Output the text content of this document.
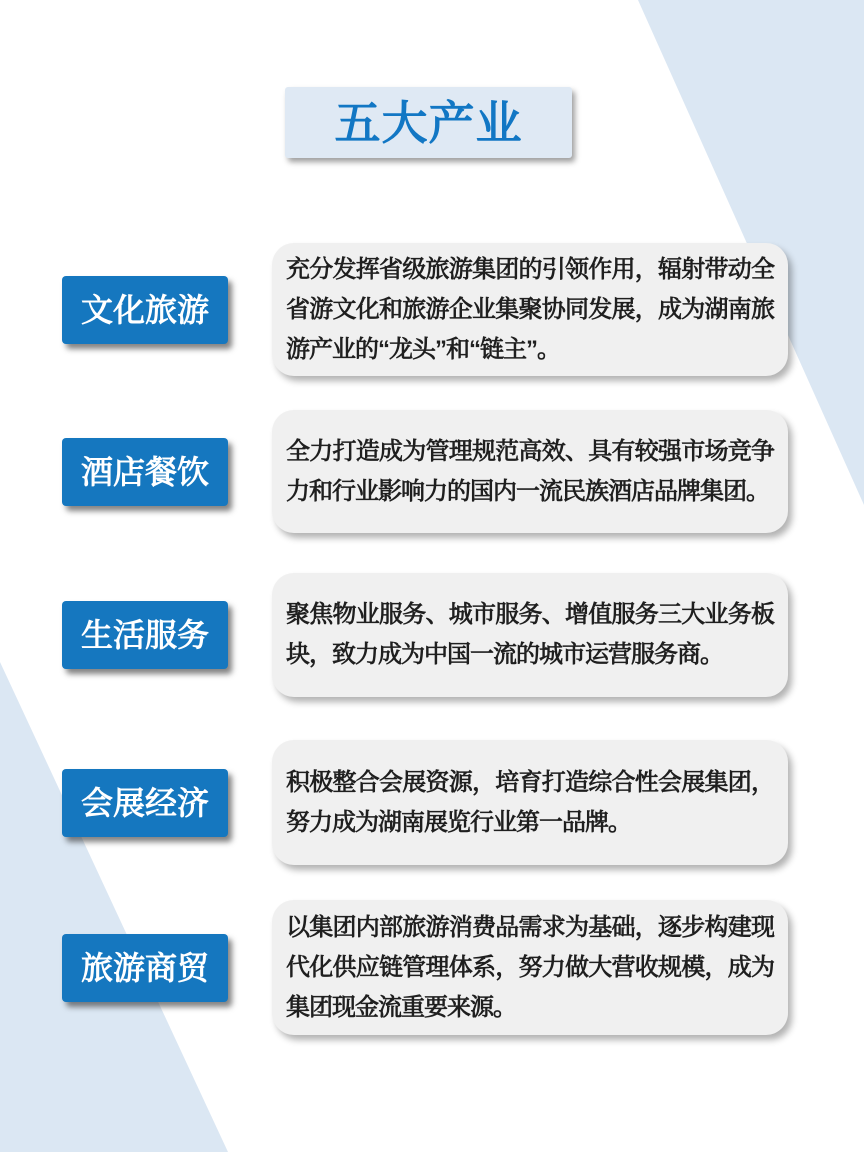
五大产业
文化旅游

充分发挥省级旅游集团的引领作用，辐射带动全省游文化和旅游企业集聚协同发展，成为湖南旅游产业的“龙头”和“链主”。

酒店餐饮

全力打造成为管理规范高效、具有较强市场竞争力和行业影响力的国内一流民族酒店品牌集团。

生活服务

聚焦物业服务、城市服务、增值服务三大业务板块，致力成为中国一流的城市运营服务商。

会展经济

积极整合会展资源，培育打造综合性会展集团，努力成为湖南展览行业第一品牌。

旅游商贸

以集团内部旅游消费品需求为基础，逐步构建现代化供应链管理体系，努力做大营收规模，成为集团现金流重要来源。
